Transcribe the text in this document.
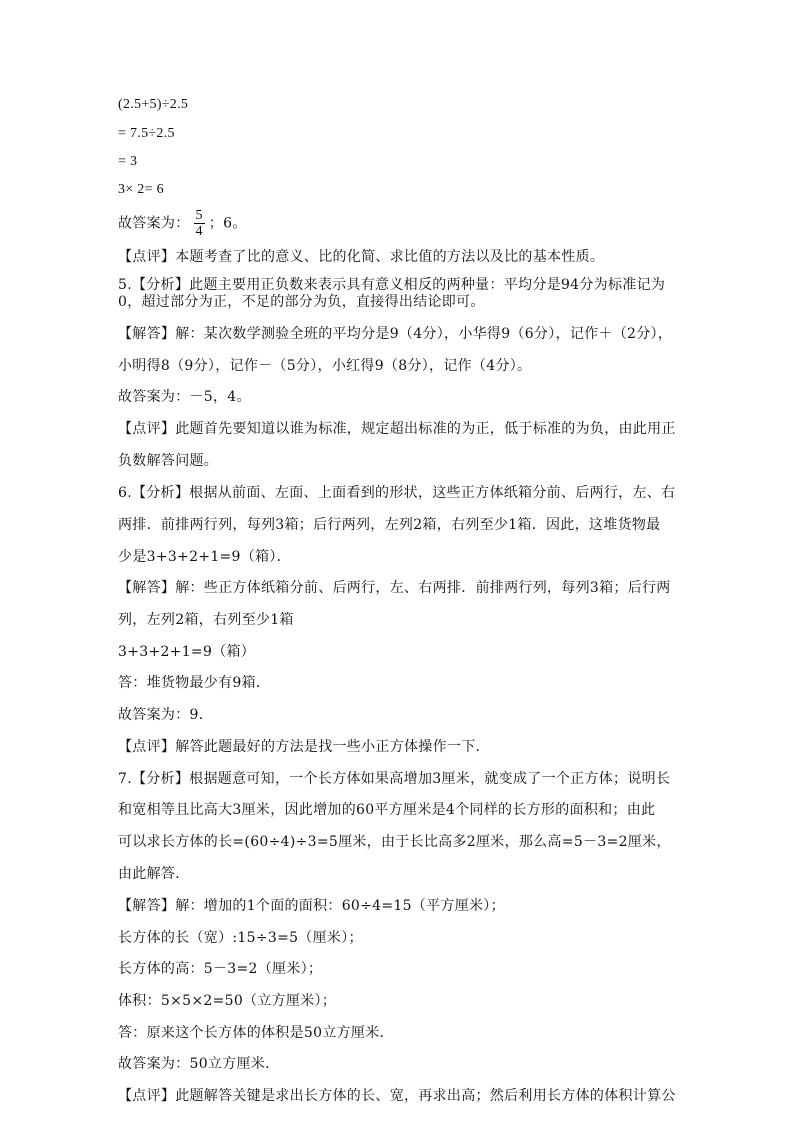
(2.5+5)÷2.5
= 7.5÷2.5
= 3
3× 2= 6
0，超过部分为正，不足的部分为负，直接得出结论即可。
【解答】解：某次数学测验全班的平均分是9（4分），小华得9（6分），记作＋（2分），
小明得8（9分），记作－（5分），小红得9（8分），记作（4分）。
故答案为：－5，4。
【点评】此题首先要知道以谁为标准，规定超出标准的为正，低于标准的为负，由此用正
负数解答问题。
6.【分析】根据从前面、左面、上面看到的形状，这些正方体纸箱分前、后两行，左、右
两排．前排两行列，每列3箱；后行两列，左列2箱，右列至少1箱．因此，这堆货物最
少是3+3+2+1=9（箱）．
【解答】解：些正方体纸箱分前、后两行，左、右两排．前排两行列，每列3箱；后行两
列，左列2箱，右列至少1箱
3+3+2+1=9（箱）
答：堆货物最少有9箱．
故答案为：9．
【点评】解答此题最好的方法是找一些小正方体操作一下．
7.【分析】根据题意可知，一个长方体如果高增加3厘米，就变成了一个正方体；说明长
和宽相等且比高大3厘米，因此增加的60平方厘米是4个同样的长方形的面积和；由此
可以求长方体的长=(60÷4)÷3=5厘米，由于长比高多2厘米，那么高=5－3=2厘米，
由此解答．
【解答】解：增加的1个面的面积：60÷4=15（平方厘米）；
长方体的长（宽）:15÷3=5（厘米）；
长方体的高：5－3=2（厘米）；
体积：5×5×2=50（立方厘米）；
答：原来这个长方体的体积是50立方厘米．
故答案为：50立方厘米．
【点评】此题解答关键是求出长方体的长、宽，再求出高；然后利用长方体的体积计算公
故答案为： $\frac{5}{4}$ ；6。
【点评】本题考查了比的意义、比的化简、求比值的方法以及比的基本性质。
5.【分析】此题主要用正负数来表示具有意义相反的两种量：平均分是94分为标准记为
